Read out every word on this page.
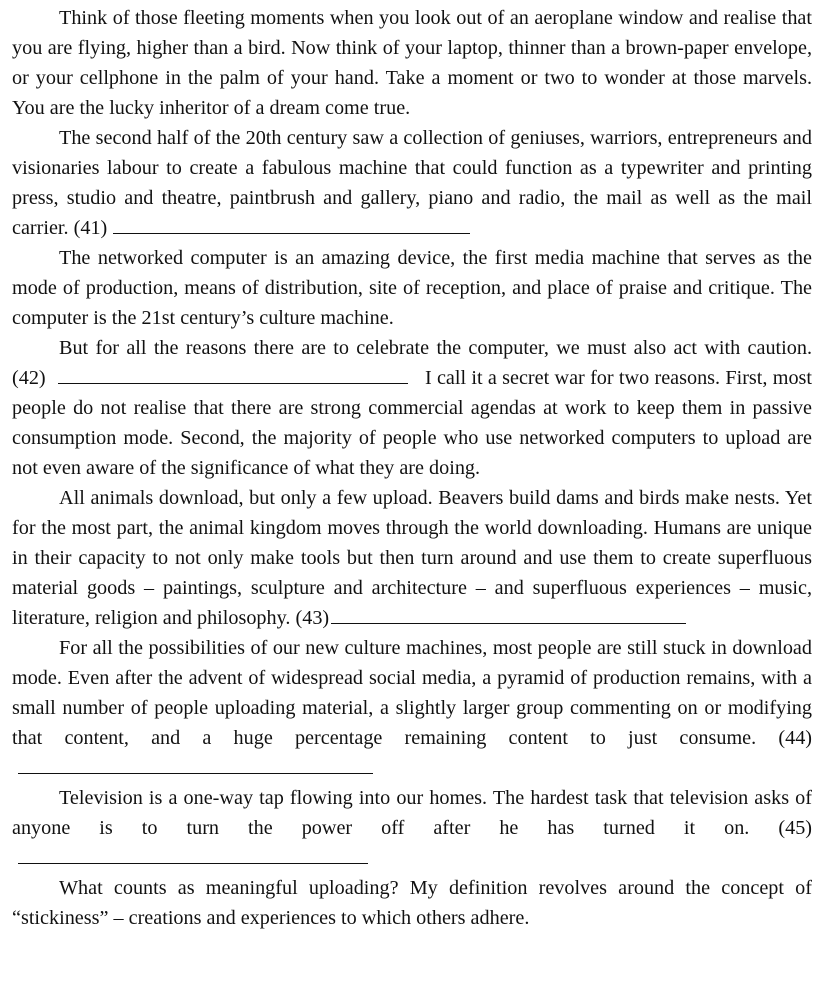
Think of those fleeting moments when you look out of an aeroplane window and realise that you are flying, higher than a bird. Now think of your laptop, thinner than a brown-paper envelope, or your cellphone in the palm of your hand. Take a moment or two to wonder at those marvels. You are the lucky inheritor of a dream come true.

The second half of the 20th century saw a collection of geniuses, warriors, entrepreneurs and visionaries labour to create a fabulous machine that could function as a typewriter and printing press, studio and theatre, paintbrush and gallery, piano and radio, the mail as well as the mail carrier. (41)

The networked computer is an amazing device, the first media machine that serves as the mode of production, means of distribution, site of reception, and place of praise and critique. The computer is the 21st century’s culture machine.

But for all the reasons there are to celebrate the computer, we must also act with caution. (42)	I call it a secret war for two reasons. First, most people do not realise that there are strong commercial agendas at work to keep them in passive consumption mode. Second, the majority of people who use networked computers to upload are not even aware of the significance of what they are doing.

All animals download, but only a few upload. Beavers build dams and birds make nests. Yet for the most part, the animal kingdom moves through the world downloading. Humans are unique in their capacity to not only make tools but then turn around and use them to create superfluous material goods – paintings, sculpture and architecture – and superfluous experiences – music, literature, religion and philosophy. (43)

For all the possibilities of our new culture machines, most people are still stuck in download mode. Even after the advent of widespread social media, a pyramid of production remains, with a small number of people uploading material, a slightly larger group commenting on or modifying that content, and a huge percentage remaining content to just consume. (44)

Television is a one-way tap flowing into our homes. The hardest task that television asks of anyone is to turn the power off after he has turned it on. (45)

What counts as meaningful uploading? My definition revolves around the concept of “stickiness” – creations and experiences to which others adhere.
